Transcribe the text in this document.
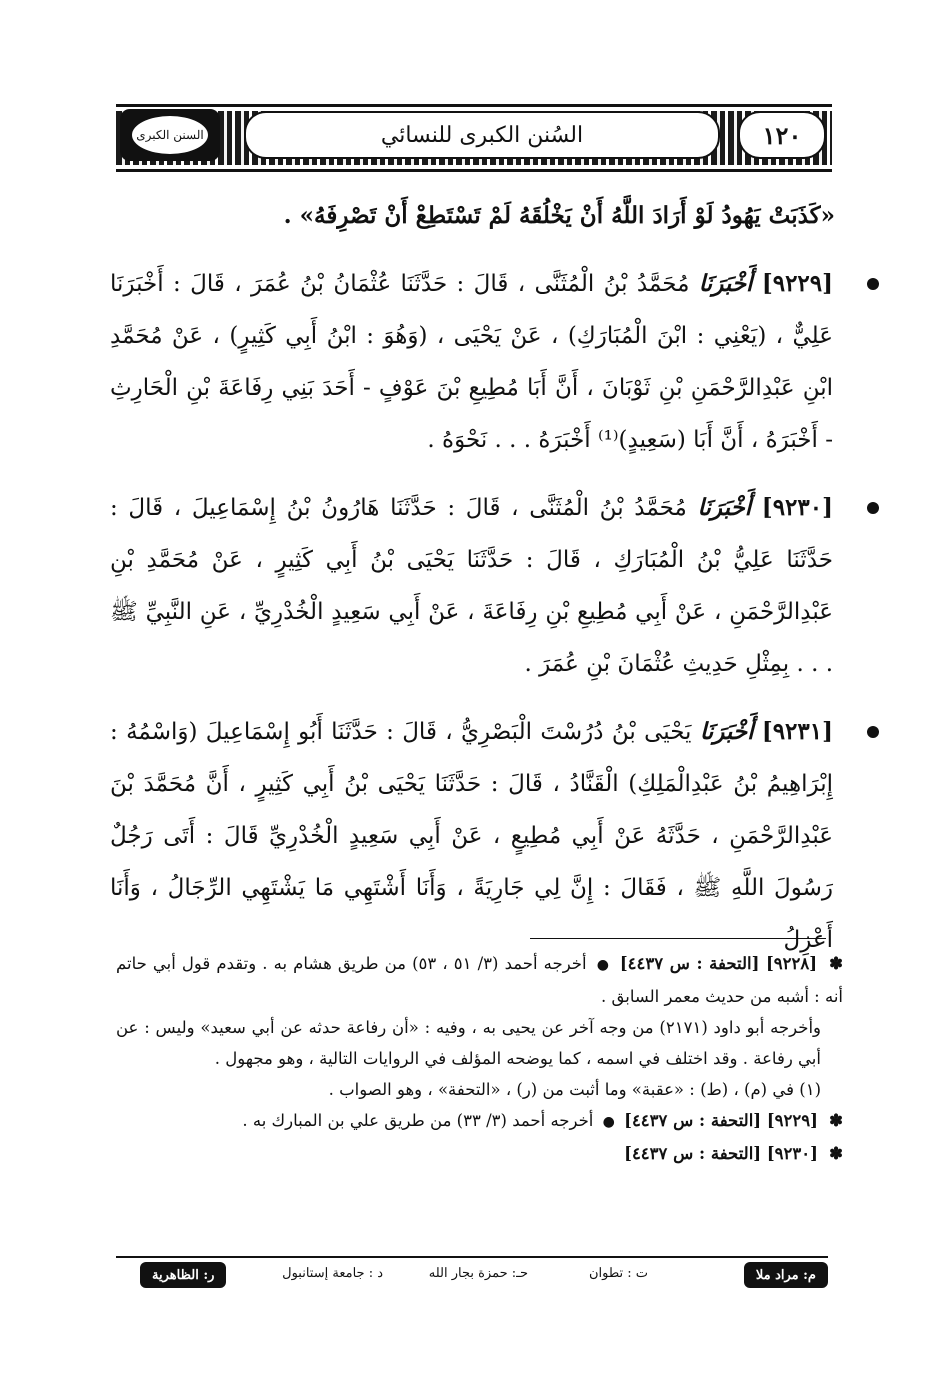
السنن الكبرى	السُنن الكبرى للنسائي	١٢٠

«كَذَبَتْ يَهُودُ لَوْ أَرَادَ اللَّهُ أَنْ يَخْلُقَهُ لَمْ تَسْتَطِعْ أَنْ تَصْرِفَهُ» .

[٩٢٢٩] أَخْبَرَنَا مُحَمَّدُ بْنُ الْمُثَنَّى ، قَالَ : حَدَّثَنَا عُثْمَانُ بْنُ عُمَرَ ، قَالَ : أَخْبَرَنَا عَلِيٌّ ، (يَعْنِي : ابْنَ الْمُبَارَكِ) ، عَنْ يَحْيَى ، (وَهُوَ : ابْنُ أَبِي كَثِيرٍ) ، عَنْ مُحَمَّدِ ابْنِ عَبْدِالرَّحْمَنِ بْنِ ثَوْبَانَ ، أَنَّ أَبَا مُطِيعِ بْنَ عَوْفٍ - أَحَدَ بَنِي رِفَاعَةَ بْنِ الْحَارِثِ - أَخْبَرَهُ ، أَنَّ أَبَا (سَعِيدٍ)⁽¹⁾ أَخْبَرَهُ . . . نَحْوَهُ .

[٩٢٣٠] أَخْبَرَنَا مُحَمَّدُ بْنُ الْمُثَنَّى ، قَالَ : حَدَّثَنَا هَارُونُ بْنُ إِسْمَاعِيلَ ، قَالَ : حَدَّثَنَا عَلِيُّ بْنُ الْمُبَارَكِ ، قَالَ : حَدَّثَنَا يَحْيَى بْنُ أَبِي كَثِيرٍ ، عَنْ مُحَمَّدِ بْنِ عَبْدِالرَّحْمَنِ ، عَنْ أَبِي مُطِيعِ بْنِ رِفَاعَةَ ، عَنْ أَبِي سَعِيدٍ الْخُدْرِيِّ ، عَنِ النَّبِيِّ ﷺ . . . بِمِثْلِ حَدِيثِ عُثْمَانَ بْنِ عُمَرَ .

[٩٢٣١] أَخْبَرَنَا يَحْيَى بْنُ دُرُسْتَ الْبَصْرِيُّ ، قَالَ : حَدَّثَنَا أَبُو إِسْمَاعِيلَ (وَاسْمُهُ : إِبْرَاهِيمُ بْنُ عَبْدِالْمَلِكِ) الْقَنَّادُ ، قَالَ : حَدَّثَنَا يَحْيَى بْنُ أَبِي كَثِيرٍ ، أَنَّ مُحَمَّدَ بْنَ عَبْدِالرَّحْمَنِ ، حَدَّثَهُ عَنْ أَبِي مُطِيعٍ ، عَنْ أَبِي سَعِيدٍ الْخُدْرِيِّ قَالَ : أَتَى رَجُلٌ رَسُولَ اللَّهِ ﷺ ، فَقَالَ : إِنَّ لِي جَارِيَةً ، وَأَنَا أَشْتَهِي مَا يَشْتَهِي الرِّجَالُ ، وَأَنَا أَعْزِلُ

✽ [٩٢٢٨] [التحفة : س ٤٤٣٧] ● أخرجه أحمد (٣/ ٥١ ، ٥٣) من طريق هشام به . وتقدم قول أبي حاتم أنه : أشبه من حديث معمر السابق .

وأخرجه أبو داود (٢١٧١) من وجه آخر عن يحيى به ، وفيه : «أن رفاعة حدثه عن أبي سعيد» وليس : عن أبي رفاعة . وقد اختلف في اسمه ، كما يوضحه المؤلف في الروايات التالية ، وهو مجهول .

(١) في (م) ، (ط) : «عقبة» وما أثبت من (ر) ، «التحفة» ، وهو الصواب .

✽ [٩٢٢٩] [التحفة : س ٤٤٣٧] ● أخرجه أحمد (٣/ ٣٣) من طريق علي بن المبارك به .

✽ [٩٢٣٠] [التحفة : س ٤٤٣٧]

م: مراد ملا
ت : تطوان
حـ: حمزة بجار الله
د : جامعة إستانبول
ر: الظاهرية
